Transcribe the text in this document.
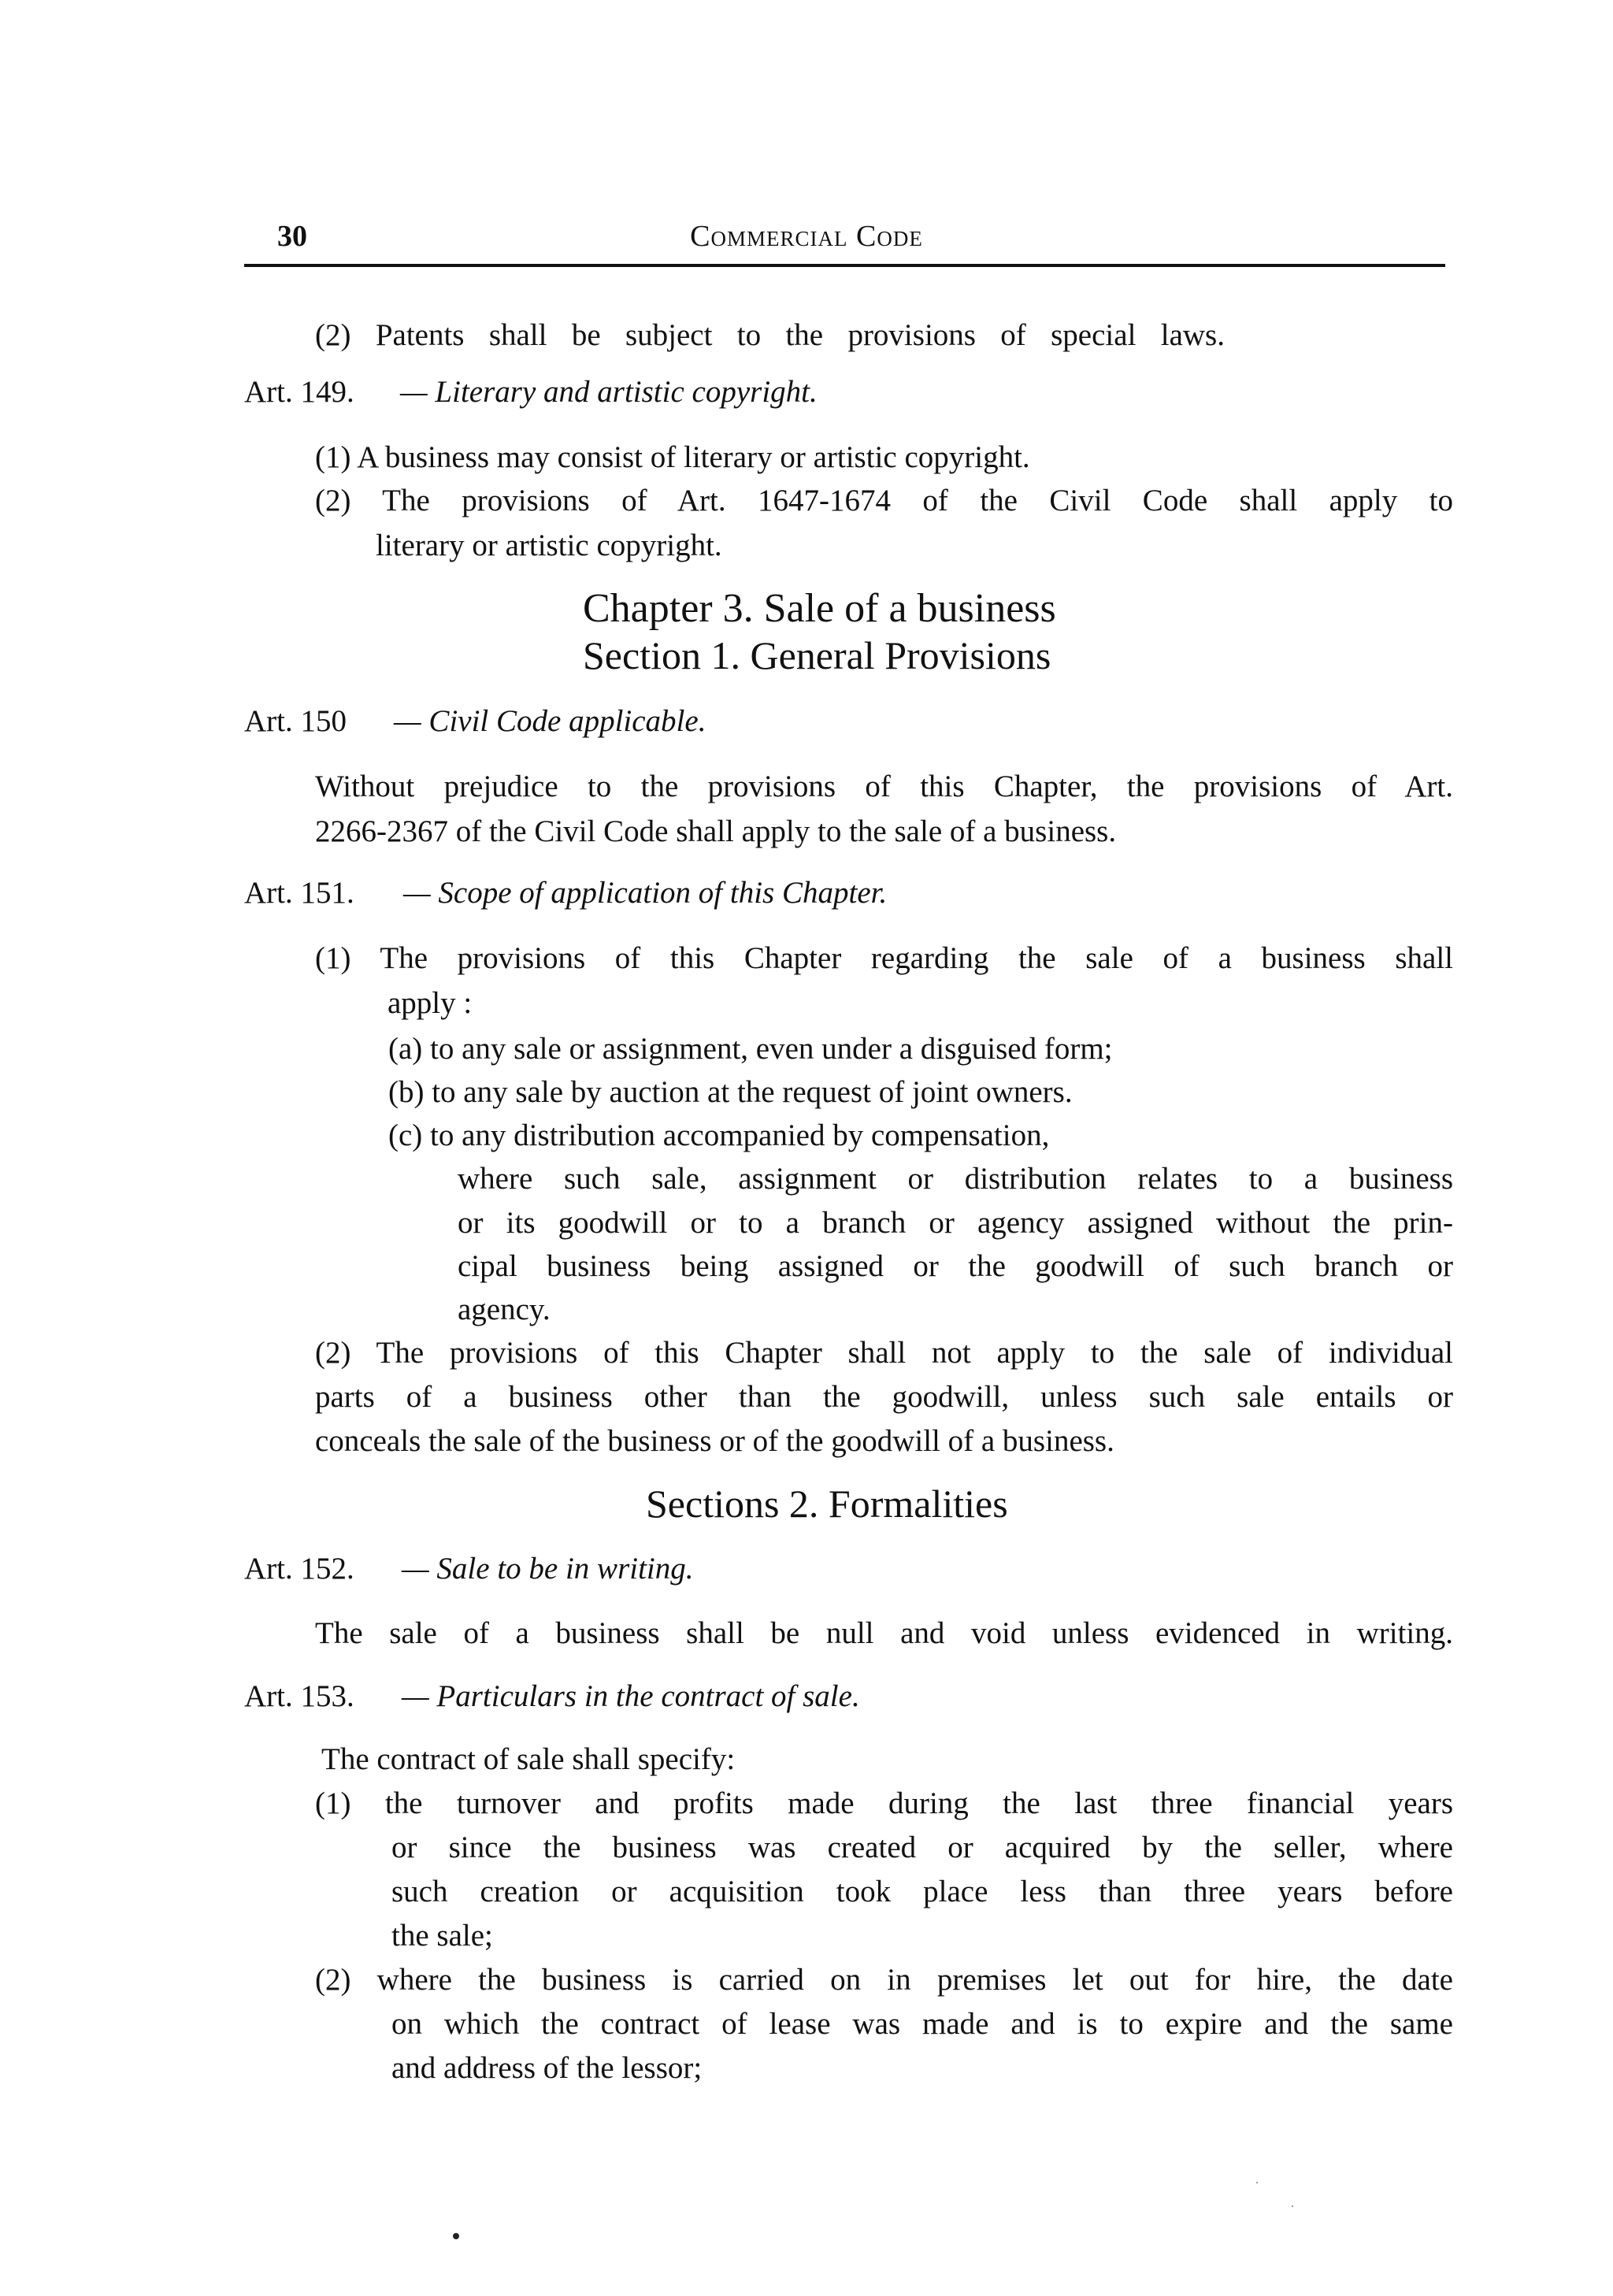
30	Commercial Code
(2) Patents shall be subject to the provisions of special laws.
Art. 149. — Literary and artistic copyright.
(1) A business may consist of literary or artistic copyright.
(2) The provisions of Art. 1647-1674 of the Civil Code shall apply to
literary or artistic copyright.
Chapter 3. Sale of a business
Section 1. General Provisions
Art. 150 — Civil Code applicable.
Without prejudice to the provisions of this Chapter, the provisions of Art.
2266-2367 of the Civil Code shall apply to the sale of a business.
Art. 151. — Scope of application of this Chapter.
(1) The provisions of this Chapter regarding the sale of a business shall
apply :
(a) to any sale or assignment, even under a disguised form;
(b) to any sale by auction at the request of joint owners.
(c) to any distribution accompanied by compensation,
where such sale, assignment or distribution relates to a business
or its goodwill or to a branch or agency assigned without the prin-
cipal business being assigned or the goodwill of such branch or
agency.
(2) The provisions of this Chapter shall not apply to the sale of individual
parts of a business other than the goodwill, unless such sale entails or
conceals the sale of the business or of the goodwill of a business.
Sections 2. Formalities
Art. 152. — Sale to be in writing.
The sale of a business shall be null and void unless evidenced in writing.
Art. 153. — Particulars in the contract of sale.
The contract of sale shall specify:
(1) the turnover and profits made during the last three financial years
or since the business was created or acquired by the seller, where
such creation or acquisition took place less than three years before
the sale;
(2) where the business is carried on in premises let out for hire, the date
on which the contract of lease was made and is to expire and the same
and address of the lessor;
